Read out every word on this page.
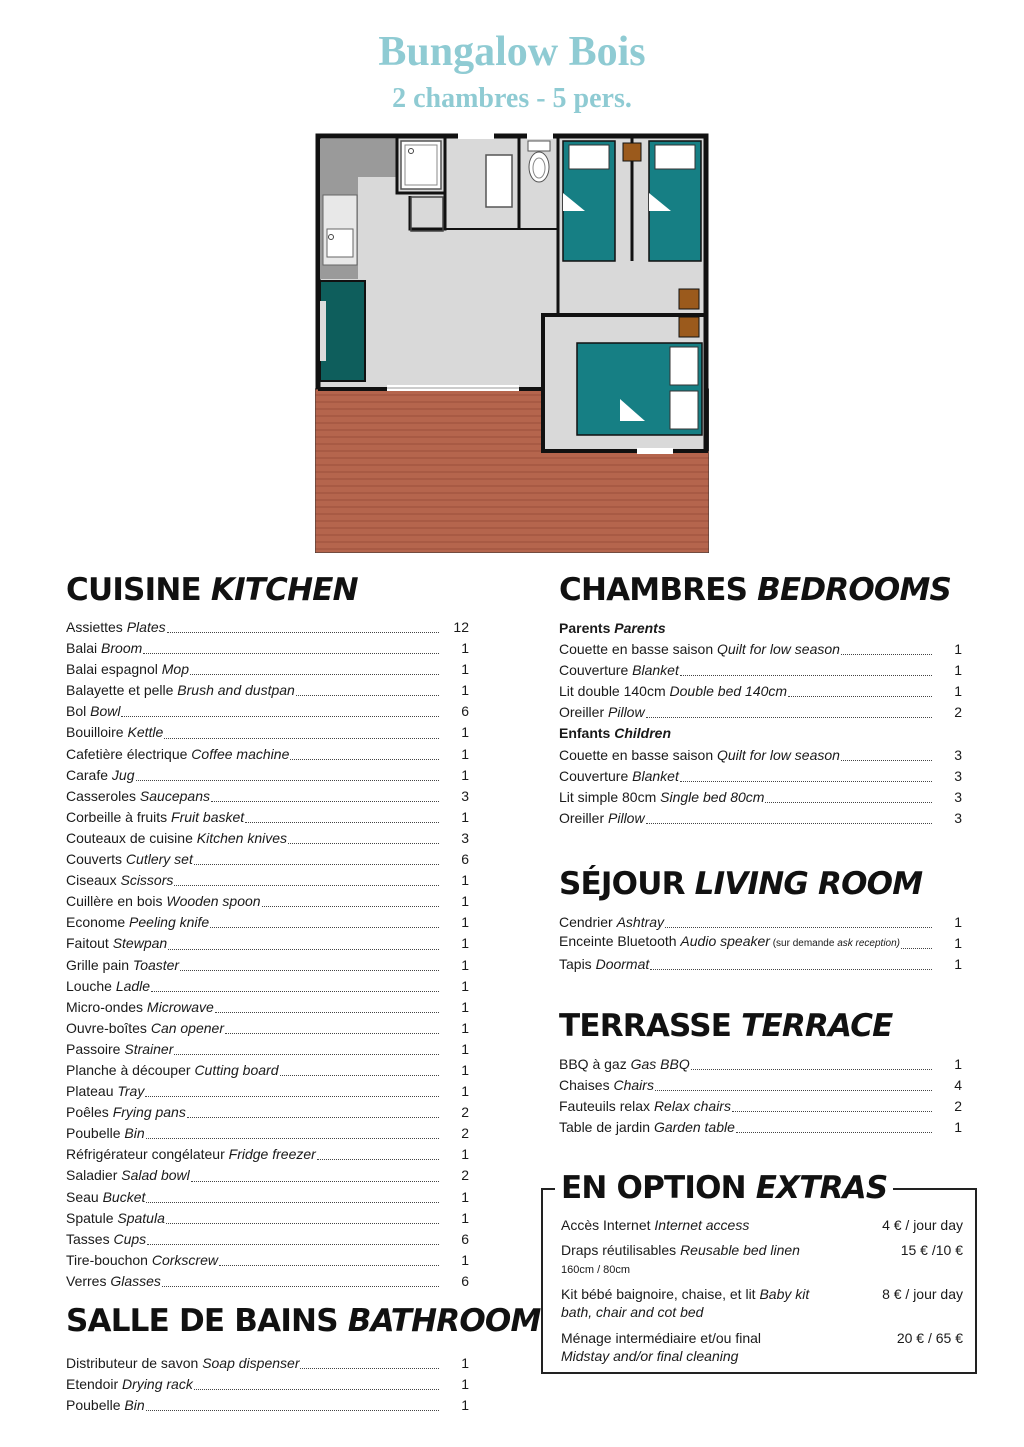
Bungalow Bois
2 chambres - 5 pers.
CUISINE KITCHEN
Assiettes Plates	12
Balai Broom	1
Balai espagnol Mop	1
Balayette et pelle Brush and dustpan	1
Bol Bowl	6
Bouilloire Kettle	1
Cafetière électrique Coffee machine	1
Carafe Jug	1
Casseroles Saucepans	3
Corbeille à fruits Fruit basket	1
Couteaux de cuisine Kitchen knives	3
Couverts Cutlery set	6
Ciseaux Scissors	1
Cuillère en bois Wooden spoon	1
Econome Peeling knife	1
Faitout Stewpan	1
Grille pain Toaster	1
Louche Ladle	1
Micro-ondes Microwave	1
Ouvre-boîtes Can opener	1
Passoire Strainer	1
Planche à découper Cutting board	1
Plateau Tray	1
Poêles Frying pans	2
Poubelle Bin	2
Réfrigérateur congélateur Fridge freezer	1
Saladier Salad bowl	2
Seau Bucket	1
Spatule Spatula	1
Tasses Cups	6
Tire-bouchon Corkscrew	1
Verres Glasses	6
SALLE DE BAINS BATHROOM
Distributeur de savon Soap dispenser	1
Etendoir Drying rack	1
Poubelle Bin	1
CHAMBRES BEDROOMS
Parents Parents
Couette en basse saison Quilt for low season	1
Couverture Blanket	1
Lit double 140cm Double bed 140cm	1
Oreiller Pillow	2
Enfants Children
Couette en basse saison Quilt for low season	3
Couverture Blanket	3
Lit simple 80cm Single bed 80cm	3
Oreiller Pillow	3
SÉJOUR LIVING ROOM
Cendrier Ashtray	1
Enceinte Bluetooth Audio speaker (sur demande ask reception)	1
Tapis Doormat	1
TERRASSE TERRACE
BBQ à gaz Gas BBQ	1
Chaises Chairs	4
Fauteuils relax Relax chairs	2
Table de jardin Garden table	1
EN OPTION EXTRAS
Accès Internet Internet access	4 € / jour day
Draps réutilisables Reusable bed linen
160cm / 80cm
15 € /10 €
Kit bébé baignoire, chaise, et lit Baby kit bath, chair and cot bed
8 € / jour day
Ménage intermédiaire et/ou final
Midstay and/or final cleaning
20 € / 65 €
